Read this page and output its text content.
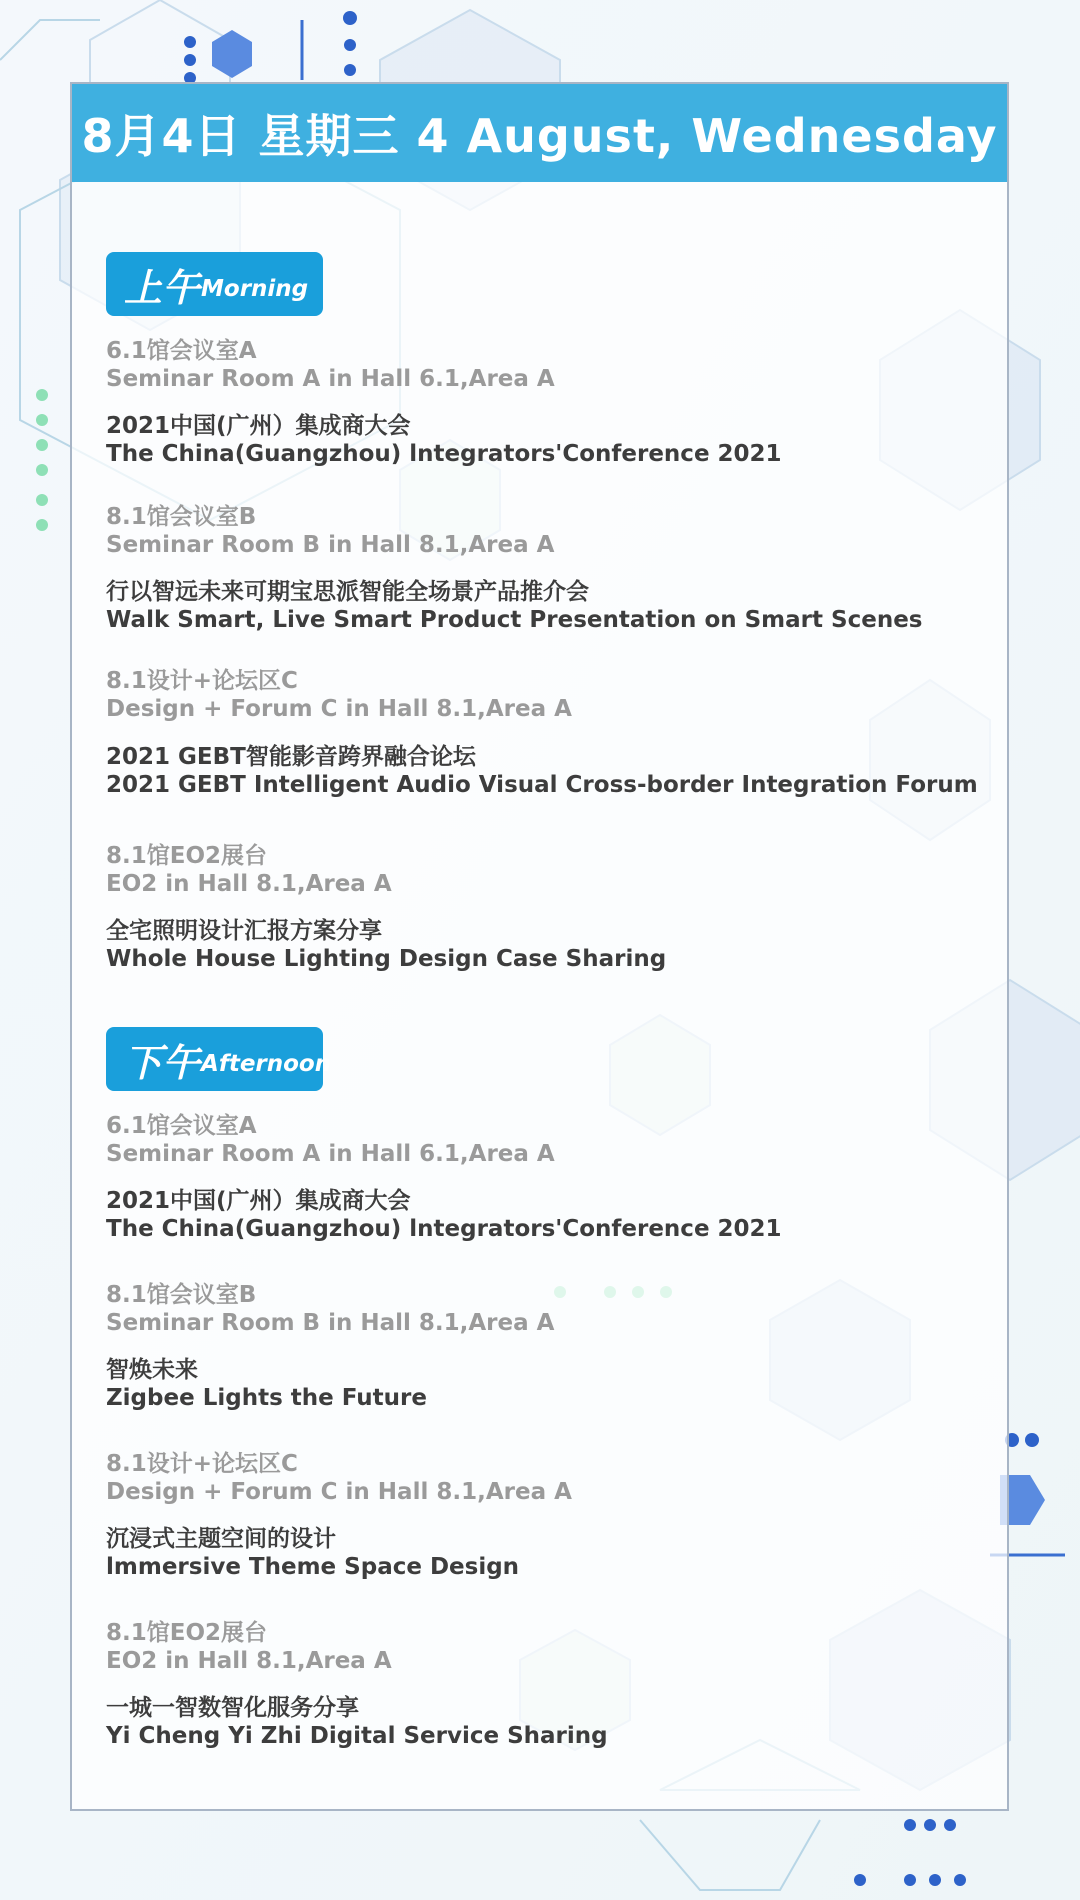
8月4日 星期三 4 August, Wednesday
上午 Morning
6.1馆会议室A
Seminar Room A in Hall 6.1,Area A
2021中国(广州）集成商大会
The China(Guangzhou) lntegrators'Conference 2021
8.1馆会议室B
Seminar Room B in Hall 8.1,Area A
行以智远未来可期宝思派智能全场景产品推介会
Walk Smart, Live Smart Product Presentation on Smart Scenes
8.1设计+论坛区C
Design + Forum C in Hall 8.1,Area A
2021 GEBT智能影音跨界融合论坛
2021 GEBT Intelligent Audio Visual Cross-border Integration Forum
8.1馆EO2展台
EO2 in Hall 8.1,Area A
全宅照明设计汇报方案分享
Whole House Lighting Design Case Sharing
下午 Afternoon
6.1馆会议室A
Seminar Room A in Hall 6.1,Area A
2021中国(广州）集成商大会
The China(Guangzhou) lntegrators'Conference 2021
8.1馆会议室B
Seminar Room B in Hall 8.1,Area A
智焕未来
Zigbee Lights the Future
8.1设计+论坛区C
Design + Forum C in Hall 8.1,Area A
沉浸式主题空间的设计
lmmersive Theme Space Design
8.1馆EO2展台
EO2 in Hall 8.1,Area A
一城一智数智化服务分享
Yi Cheng Yi Zhi Digital Service Sharing
